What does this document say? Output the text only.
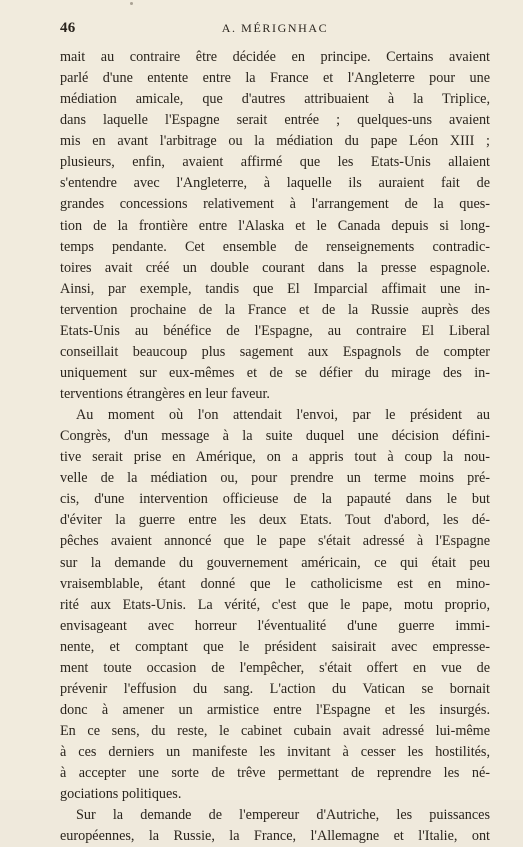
46	A. MÉRIGNHAC
mait au contraire être décidée en principe. Certains avaient
parlé d'une entente entre la France et l'Angleterre pour une
médiation amicale, que d'autres attribuaient à la Triplice,
dans laquelle l'Espagne serait entrée ; quelques-uns avaient
mis en avant l'arbitrage ou la médiation du pape Léon XIII ;
plusieurs, enfin, avaient affirmé que les Etats-Unis allaient
s'entendre avec l'Angleterre, à laquelle ils auraient fait de
grandes concessions relativement à l'arrangement de la ques-
tion de la frontière entre l'Alaska et le Canada depuis si long-
temps pendante. Cet ensemble de renseignements contradic-
toires avait créé un double courant dans la presse espagnole.
Ainsi, par exemple, tandis que El Imparcial affimait une in-
tervention prochaine de la France et de la Russie auprès des
Etats-Unis au bénéfice de l'Espagne, au contraire El Liberal
conseillait beaucoup plus sagement aux Espagnols de compter
uniquement sur eux-mêmes et de se défier du mirage des in-
terventions étrangères en leur faveur.
Au moment où l'on attendait l'envoi, par le président au
Congrès, d'un message à la suite duquel une décision défini-
tive serait prise en Amérique, on a appris tout à coup la nou-
velle de la médiation ou, pour prendre un terme moins pré-
cis, d'une intervention officieuse de la papauté dans le but
d'éviter la guerre entre les deux Etats. Tout d'abord, les dé-
pêches avaient annoncé que le pape s'était adressé à l'Espagne
sur la demande du gouvernement américain, ce qui était peu
vraisemblable, étant donné que le catholicisme est en mino-
rité aux Etats-Unis. La vérité, c'est que le pape, motu proprio,
envisageant avec horreur l'éventualité d'une guerre immi-
nente, et comptant que le président saisirait avec empresse-
ment toute occasion de l'empêcher, s'était offert en vue de
prévenir l'effusion du sang. L'action du Vatican se bornait
donc à amener un armistice entre l'Espagne et les insurgés.
En ce sens, du reste, le cabinet cubain avait adressé lui-même
à ces derniers un manifeste les invitant à cesser les hostilités,
à accepter une sorte de trêve permettant de reprendre les né-
gociations politiques.
Sur la demande de l'empereur d'Autriche, les puissances
européennes, la Russie, la France, l'Allemagne et l'Italie, ont
